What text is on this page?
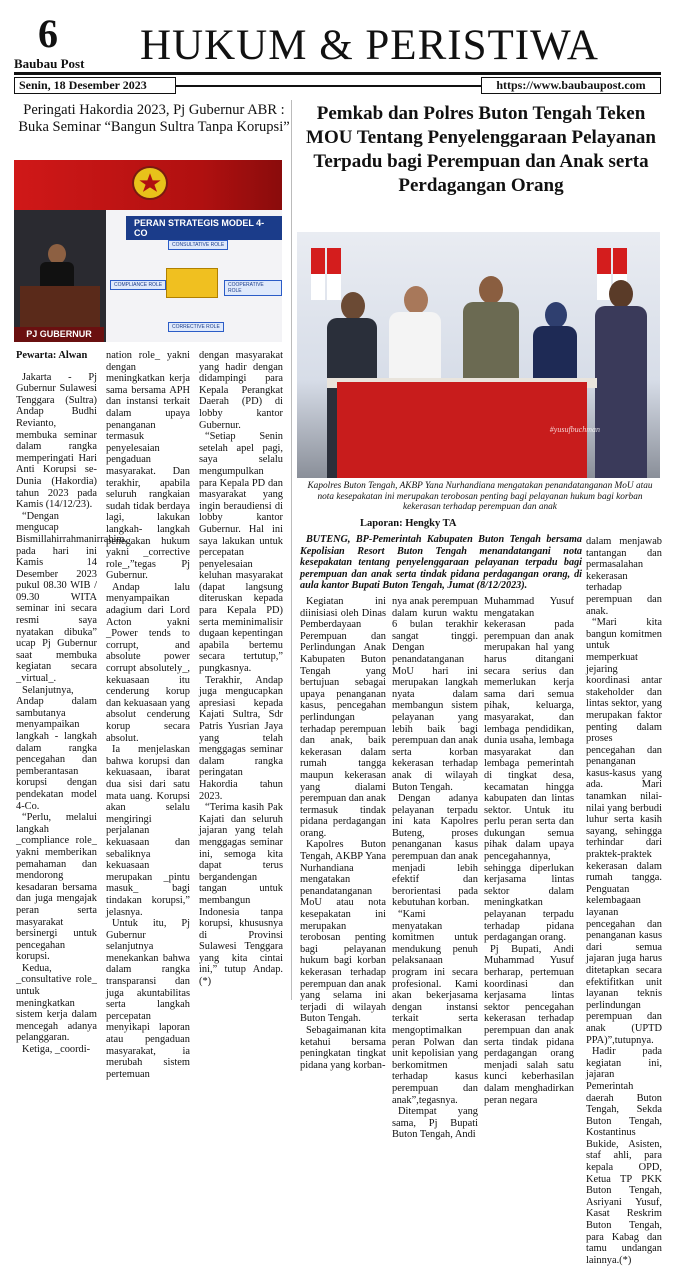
6
Baubau Post HUKUM & PERISTIWA
Senin, 18 Desember 2023	https://www.baubaupost.com
Peringati Hakordia 2023, Pj Gubernur ABR : Buka Seminar “Bangun Sultra Tanpa Korupsi”
PJ GUBERNUR
PERAN STRATEGIS MODEL 4-CO
CONSULTATIVE ROLE
COMPLIANCE ROLE	COOPERATIVE ROLE
CORRECTIVE ROLE

Pewarta: Alwan

Jakarta - Pj Gubernur Sulawesi Tenggara (Sultra) Andap Budhi Revianto, membuka seminar dalam rangka memperingati Hari Anti Korupsi se-Dunia (Hakordia) tahun 2023 pada Kamis (14/12/23).

“Dengan mengucap Bismillahirrahmanirrahim, pada hari ini Kamis 14 Desember 2023 pukul 08.30 WIB / 09.30 WITA seminar ini secara resmi saya nyatakan dibuka” ucap Pj Gubernur saat membuka kegiatan secara _virtual_.

Selanjutnya, Andap dalam sambutanya menyampaikan langkah - langkah dalam rangka pencegahan dan pemberantasan korupsi dengan pendekatan model 4-Co.

“Perlu, melalui langkah _compliance role_ yakni memberikan pemahaman dan mendorong kesadaran bersama dan juga mengajak peran serta masyarakat bersinergi untuk pencegahan korupsi.

Kedua, _consultative role_ untuk meningkatkan sistem kerja dalam mencegah adanya pelanggaran.

Ketiga, _coordi-

nation role_ yakni dengan meningkatkan kerja sama bersama APH dan instansi terkait dalam upaya penanganan termasuk penyelesaian pengaduan masyarakat. Dan terakhir, apabila seluruh rangkaian sudah tidak berdaya lagi, lakukan langkah- langkah penegakan hukum yakni _corrective role_,”tegas Pj Gubernur.

Andap lalu menyampaikan adagium dari Lord Acton yakni _Power tends to corrupt, and absolute power corrupt absolutely_, kekuasaan itu cenderung korup dan kekuasaan yang absolut cenderung korup secara absolut.

Ia menjelaskan bahwa korupsi dan kekuasaan, ibarat dua sisi dari satu mata uang. Korupsi akan selalu mengiringi perjalanan kekuasaan dan sebaliknya kekuasaan merupakan _pintu masuk_ bagi tindakan korupsi,” jelasnya.

Untuk itu, Pj Gubernur selanjutnya menekankan bahwa dalam rangka transparansi dan juga akuntabilitas serta langkah percepatan menyikapi laporan atau pengaduan masyarakat, ia merubah sistem pertemuan

dengan masyarakat yang hadir dengan didampingi para Kepala Perangkat Daerah (PD) di lobby kantor Gubernur.

“Setiap Senin setelah apel pagi, saya selalu mengumpulkan para Kepala PD dan masyarakat yang ingin beraudiensi di lobby kantor Gubernur. Hal ini saya lakukan untuk percepatan penyelesaian keluhan masyarakat (dapat langsung diteruskan kepada para Kepala PD) serta meminimalisir dugaan kepentingan apabila bertemu secara tertutup,” pungkasnya.

Terakhir, Andap juga mengucapkan apresiasi kepada Kajati Sultra, Sdr Patris Yusrian Jaya yang telah menggagas seminar dalam rangka peringatan Hakordia tahun 2023.

“Terima kasih Pak Kajati dan seluruh jajaran yang telah menggagas seminar ini, semoga kita dapat terus bergandengan tangan untuk membangun Indonesia tanpa korupsi, khususnya di Provinsi Sulawesi Tenggara yang kita cintai ini,” tutup Andap.(*)

Pemkab dan Polres Buton Tengah Teken MOU Tentang Penyelenggaraan Pelayanan Terpadu bagi Perempuan dan Anak serta Perdagangan Orang
#yusufbuchman
Kapolres Buton Tengah, AKBP Yana Nurhandiana mengatakan penandatanganan MoU atau nota kesepakatan ini merupakan terobosan penting bagi pelayanan hukum bagi korban kekerasan terhadap perempuan dan anak
Laporan: Hengky TA
BUTENG, BP-Pemerintah Kabupaten Buton Tengah bersama Kepolisian Resort Buton Tengah menandatangani nota kesepakatan tentang penyelenggaraan pelayanan terpadu bagi perempuan dan anak serta tindak pidana perdagangan orang, di aula kantor Bupati Buton Tengah, Jumat (8/12/2023).

Kegiatan ini diinisiasi oleh Dinas Pemberdayaan Perempuan dan Perlindungan Anak Kabupaten Buton Tengah yang bertujuan sebagai upaya penanganan kasus, pencegahan perlindungan terhadap perempuan dan anak, baik kekerasan dalam rumah tangga maupun kekerasan yang dialami perempuan dan anak termasuk tindak pidana perdagangan orang.

Kapolres Buton Tengah, AKBP Yana Nurhandiana mengatakan penandatanganan MoU atau nota kesepakatan ini merupakan terobosan penting bagi pelayanan hukum bagi korban kekerasan terhadap perempuan dan anak yang selama ini terjadi di wilayah Buton Tengah.

Sebagaimanan kita ketahui bersama peningkatan tingkat pidana yang korban-

nya anak perempuan dalam kurun waktu 6 bulan terakhir sangat tinggi. Dengan penandatanganan MoU hari ini merupakan langkah nyata dalam membangun sistem pelayanan yang lebih baik bagi perempuan dan anak serta korban kekerasan terhadap anak di wilayah Buton Tengah.

Dengan adanya pelayanan terpadu ini kata Kapolres Buteng, proses penanganan kasus perempuan dan anak menjadi lebih efektif dan berorientasi pada kebutuhan korban.

“Kami menyatakan komitmen untuk mendukung penuh pelaksanaan program ini secara profesional. Kami akan bekerjasama dengan instansi terkait serta mengoptimalkan peran Polwan dan unit kepolisian yang berkomitmen terhadap kasus perempuan dan anak”,tegasnya.

Ditempat yang sama, Pj Bupati Buton Tengah, Andi

Muhammad Yusuf mengatakan kekerasan pada perempuan dan anak merupakan hal yang harus ditangani secara serius dan memerlukan kerja sama dari semua pihak, keluarga, masyarakat, dan lembaga pendidikan, dunia usaha, lembaga masyarakat dan lembaga pemerintah di tingkat desa, kecamatan hingga kabupaten dan lintas sektor. Untuk itu perlu peran serta dan dukungan semua pihak dalam upaya pencegahannya, sehingga diperlukan kerjasama lintas sektor dalam meningkatkan pelayanan terpadu terhadap pidana perdagangan orang.

Pj Bupati, Andi Muhammad Yusuf berharap, pertemuan koordinasi dan kerjasama lintas sektor pencegahan kekerasan terhadap perempuan dan anak serta tindak pidana perdagangan orang menjadi salah satu kunci keberhasilan dalam menghadirkan peran negara

dalam menjawab tantangan dan permasalahan kekerasan terhadap perempuan dan anak.

“Mari kita bangun komitmen untuk memperkuat jejaring koordinasi antar stakeholder dan lintas sektor, yang merupakan faktor penting dalam proses pencegahan dan penanganan kasus-kasus yang ada. Mari tanamkan nilai-nilai yang berbudi luhur serta kasih sayang, sehingga terhindar dari praktek-praktek kekerasan dalam rumah tangga. Penguatan kelembagaan layanan pencegahan dan penanganan kasus dari semua jajaran juga harus ditetapkan secara efektifitkan unit layanan teknis perlindungan perempuan dan anak (UPTD PPA)”,tutupnya.

Hadir pada kegiatan ini, jajaran Pemerintah daerah Buton Tengah, Sekda Buton Tengah, Kostantinus Bukide, Asisten, staf ahli, para kepala OPD, Ketua TP PKK Buton Tengah, Asriyani Yusuf, Kasat Reskrim Buton Tengah, para Kabag dan tamu undangan lainnya.(*)
